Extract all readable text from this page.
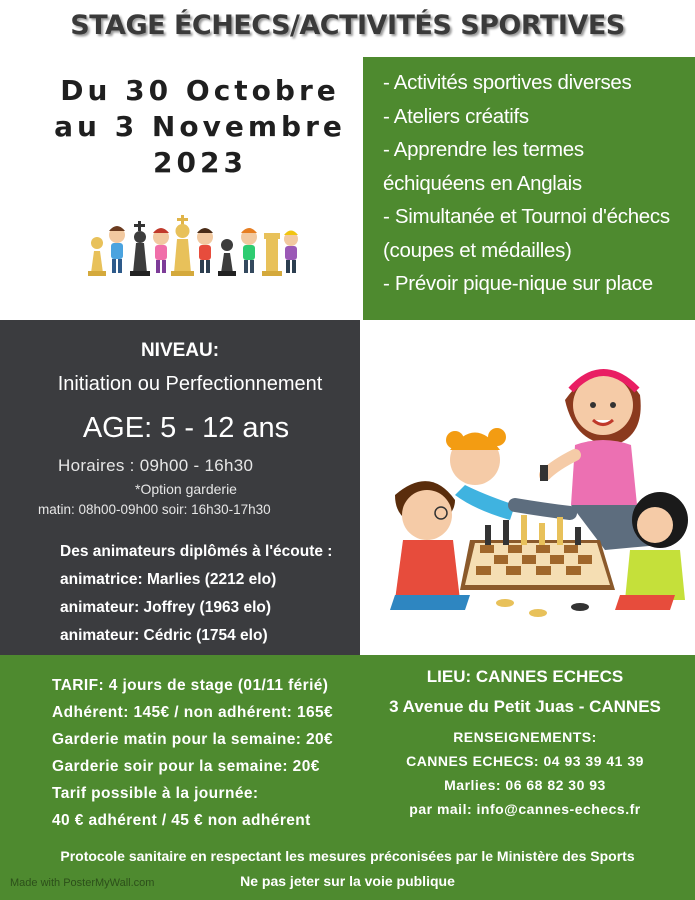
STAGE ÉCHECS/ACTIVITÉS SPORTIVES
Du 30 Octobre
au 3 Novembre
2023
- Activités sportives diverses
- Ateliers créatifs
- Apprendre les termes
échiquéens en Anglais
- Simultanée et Tournoi d'échecs
(coupes et médailles)
- Prévoir pique-nique sur place
NIVEAU:
Initiation ou Perfectionnement
AGE: 5 - 12 ans
Horaires : 09h00 - 16h30
*Option garderie
matin: 08h00-09h00 soir: 16h30-17h30
Des animateurs diplômés à l'écoute :
animatrice: Marlies (2212 elo)
animateur: Joffrey (1963 elo)
animateur: Cédric (1754 elo)
TARIF: 4 jours de stage (01/11 férié)
Adhérent: 145€ / non adhérent: 165€
Garderie matin pour la semaine: 20€
Garderie soir pour la semaine: 20€
Tarif possible à la journée:
40 € adhérent / 45 € non adhérent
LIEU: CANNES ECHECS
3 Avenue du Petit Juas - CANNES
RENSEIGNEMENTS:
CANNES ECHECS: 04 93 39 41 39
Marlies: 06 68 82 30 93
par mail: info@cannes-echecs.fr
Protocole sanitaire en respectant les mesures préconisées par le Ministère des Sports
Ne pas jeter sur la voie publique
Made with PosterMyWall.com
